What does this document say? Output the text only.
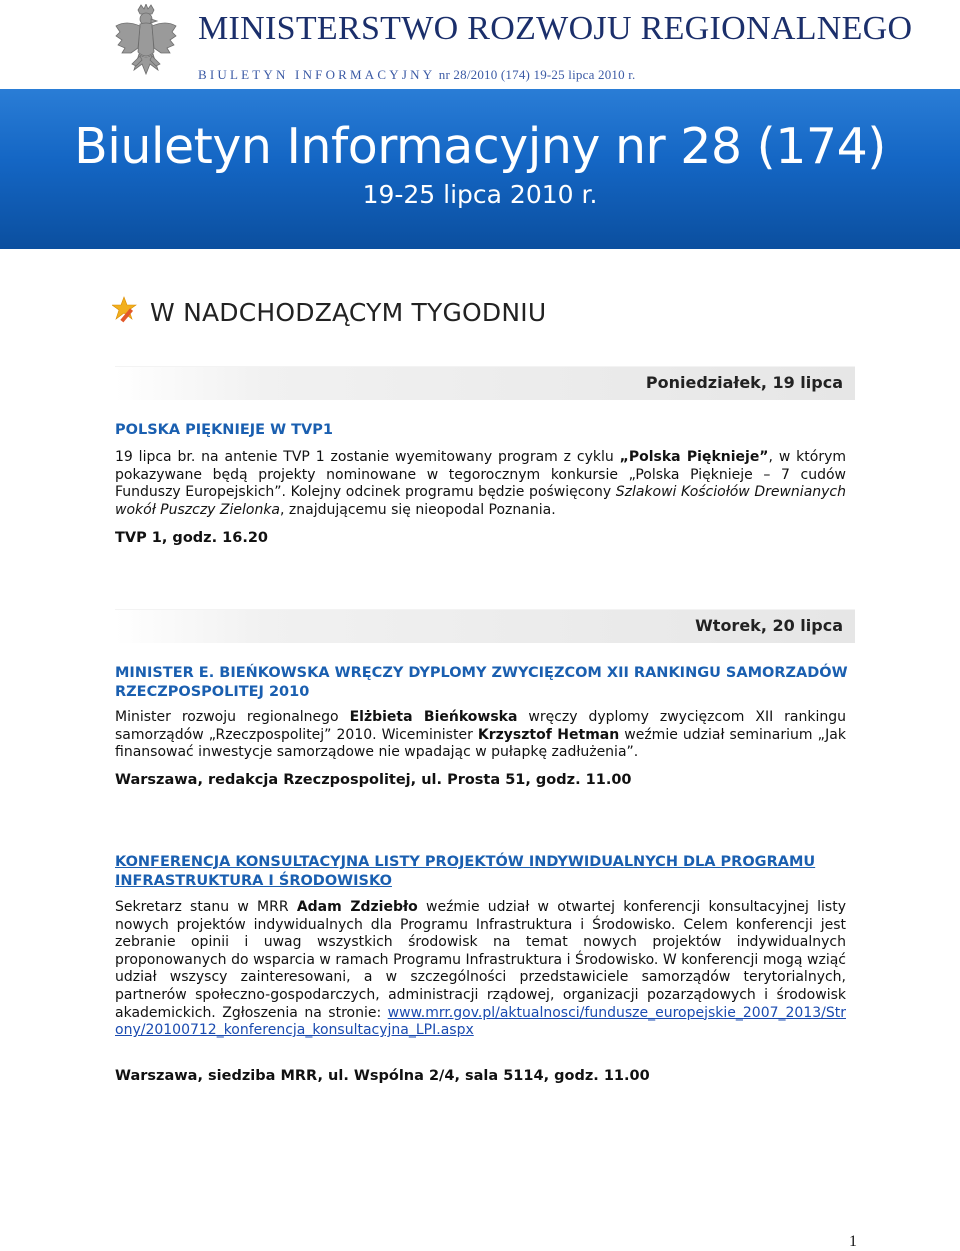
MINISTERSTWO ROZWOJU REGIONALNEGO
BIULETYN INFORMACYJNY nr 28/2010 (174) 19-25 lipca 2010 r.
Biuletyn Informacyjny nr 28 (174)
19-25 lipca 2010 r.
W NADCHODZĄCYM TYGODNIU
Poniedziałek, 19 lipca
POLSKA PIĘKNIEJE W TVP1
19 lipca br. na antenie TVP 1 zostanie wyemitowany program z cyklu „Polska Pięknieje”, w którym pokazywane będą projekty nominowane w tegorocznym konkursie „Polska Pięknieje – 7 cudów Funduszy Europejskich”. Kolejny odcinek programu będzie poświęcony Szlakowi Kościołów Drewnianych wokół Puszczy Zielonka, znajdującemu się nieopodal Poznania.
TVP 1, godz. 16.20
Wtorek, 20 lipca
MINISTER E. BIEŃKOWSKA WRĘCZY DYPLOMY ZWYCIĘZCOM XII RANKINGU SAMORZADÓW RZECZPOSPOLITEJ 2010
Minister rozwoju regionalnego Elżbieta Bieńkowska wręczy dyplomy zwycięzcom XII rankingu samorządów „Rzeczpospolitej” 2010. Wiceminister Krzysztof Hetman weźmie udział seminarium „Jak finansować inwestycje samorządowe nie wpadając w pułapkę zadłużenia”.
Warszawa, redakcja Rzeczpospolitej, ul. Prosta 51, godz. 11.00
KONFERENCJA KONSULTACYJNA LISTY PROJEKTÓW INDYWIDUALNYCH DLA PROGRAMU INFRASTRUKTURA I ŚRODOWISKO
Sekretarz stanu w MRR Adam Zdziebło weźmie udział w otwartej konferencji konsultacyjnej listy nowych projektów indywidualnych dla Programu Infrastruktura i Środowisko. Celem konferencji jest zebranie opinii i uwag wszystkich środowisk na temat nowych projektów indywidualnych proponowanych do wsparcia w ramach Programu Infrastruktura i Środowisko. W konferencji mogą wziąć udział wszyscy zainteresowani, a w szczególności przedstawiciele samorządów terytorialnych, partnerów społeczno-gospodarczych, administracji rządowej, organizacji pozarządowych i środowisk akademickich. Zgłoszenia na stronie: www.mrr.gov.pl/aktualnosci/fundusze_europejskie_2007_2013/Strony/20100712_konferencja_konsultacyjna_LPI.aspx
Warszawa, siedziba MRR, ul. Wspólna 2/4, sala 5114, godz. 11.00
1
